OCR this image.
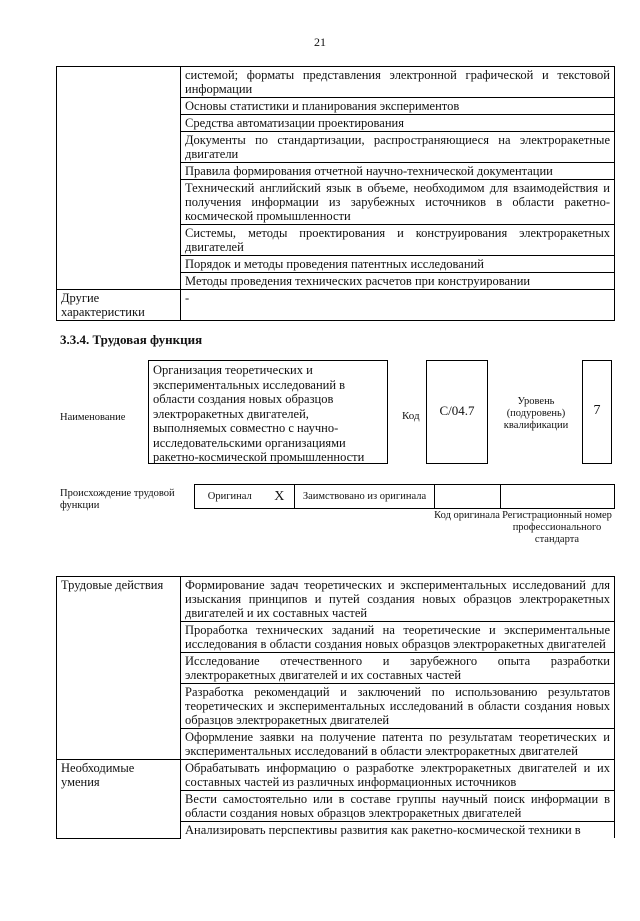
21
	системой; форматы представления электронной графической и текстовой информации
	Основы статистики и планирования экспериментов
	Средства автоматизации проектирования
	Документы по стандартизации, распространяющиеся на электроракетные двигатели
	Правила формирования отчетной научно-технической документации
	Технический английский язык в объеме, необходимом для взаимодействия и получения информации из зарубежных источников в области ракетно-космической промышленности
	Системы, методы проектирования и конструирования электроракетных двигателей
	Порядок и методы проведения патентных исследований
	Методы проведения технических расчетов при конструировании
Другие характеристики	-
3.3.4. Трудовая функция
Наименование
Организация теоретических и экспериментальных исследований в области создания новых образцов электроракетных двигателей, выполняемых совместно с научно-исследовательскими организациями ракетно-космической промышленности
Код	C/04.7
Уровень (подуровень) квалификации
7
Происхождение трудовой функции
Оригинал	X	Заимствовано из оригинала		
Код оригинала Регистрационный номер профессионального стандарта
Трудовые действия	Формирование задач теоретических и экспериментальных исследований для изыскания принципов и путей создания новых образцов электроракетных двигателей и их составных частей
	Проработка технических заданий на теоретические и экспериментальные исследования в области создания новых образцов электроракетных двигателей
	Исследование отечественного и зарубежного опыта разработки электроракетных двигателей и их составных частей
	Разработка рекомендаций и заключений по использованию результатов теоретических и экспериментальных исследований в области создания новых образцов электроракетных двигателей
	Оформление заявки на получение патента по результатам теоретических и экспериментальных исследований в области электроракетных двигателей
Необходимые умения	Обрабатывать информацию о разработке электроракетных двигателей и их составных частей из различных информационных источников
	Вести самостоятельно или в составе группы научный поиск информации в области создания новых образцов электроракетных двигателей
	Анализировать перспективы развития как ракетно-космической техники в
